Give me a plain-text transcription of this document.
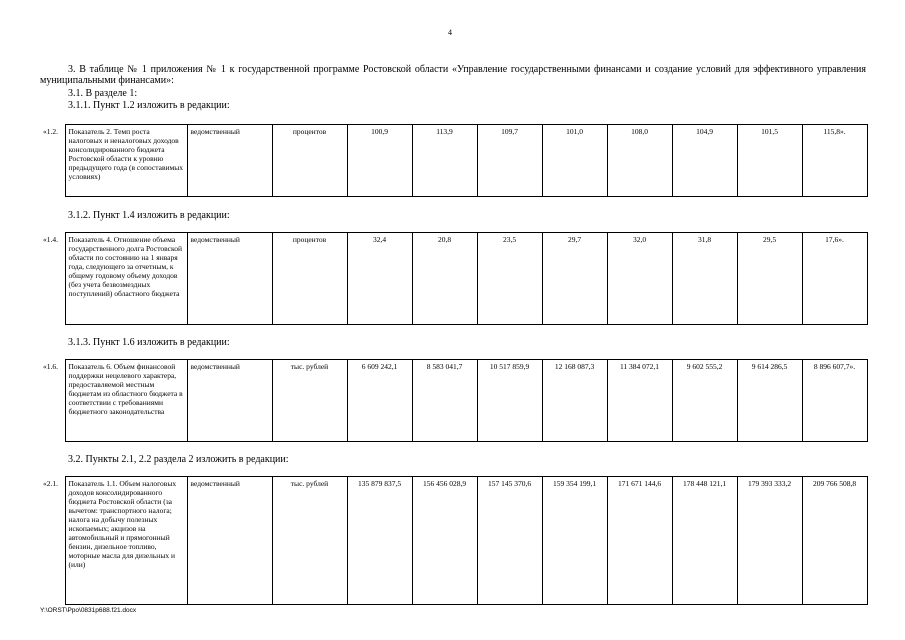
4
3. В таблице № 1 приложения № 1 к государственной программе Ростовской области «Управление государственными финансами и создание условий для эффективного управления муниципальными финансами»:
3.1. В разделе 1:
3.1.1. Пункт 1.2 изложить в редакции:
«1.2.	Показатель 2. Темп роста налоговых и неналоговых доходов консолидированного бюджета Ростовской области к уровню предыдущего года (в сопоставимых условиях)	ведомственный	процентов	100,9	113,9	109,7	101,0	108,0	104,9	101,5	115,8».
3.1.2. Пункт 1.4 изложить в редакции:
«1.4.	Показатель 4. Отношение объема государственного долга Ростовской области по состоянию на 1 января года, следующего за отчетным, к общему годовому объему доходов (без учета безвозмездных поступлений) областного бюджета	ведомственный	процентов	32,4	20,8	23,5	29,7	32,0	31,8	29,5	17,6».
3.1.3. Пункт 1.6 изложить в редакции:
«1.6.	Показатель 6. Объем финансовой поддержки нецелевого характера, предоставляемой местным бюджетам из областного бюджета в соответствии с требованиями бюджетного законодательства	ведомственный	тыс. рублей	6 609 242,1	8 583 041,7	10 517 859,9	12 168 087,3	11 384 072,1	9 602 555,2	9 614 286,5	8 896 607,7».
3.2. Пункты 2.1, 2.2 раздела 2 изложить в редакции:
«2.1.	Показатель 1.1. Объем налоговых доходов консолидированного бюджета Ростовской области (за вычетом: транспортного налога; налога на добычу полезных ископаемых; акцизов на автомобильный и прямогонный бензин, дизельное топливо, моторные масла для дизельных и (или)	ведомственный	тыс. рублей	135 879 837,5	156 456 028,9	157 145 370,6	159 354 199,1	171 671 144,6	178 448 121,1	179 393 333,2	209 766 508,8
Y:\ORST\Ppo\0831p688.f21.docx
